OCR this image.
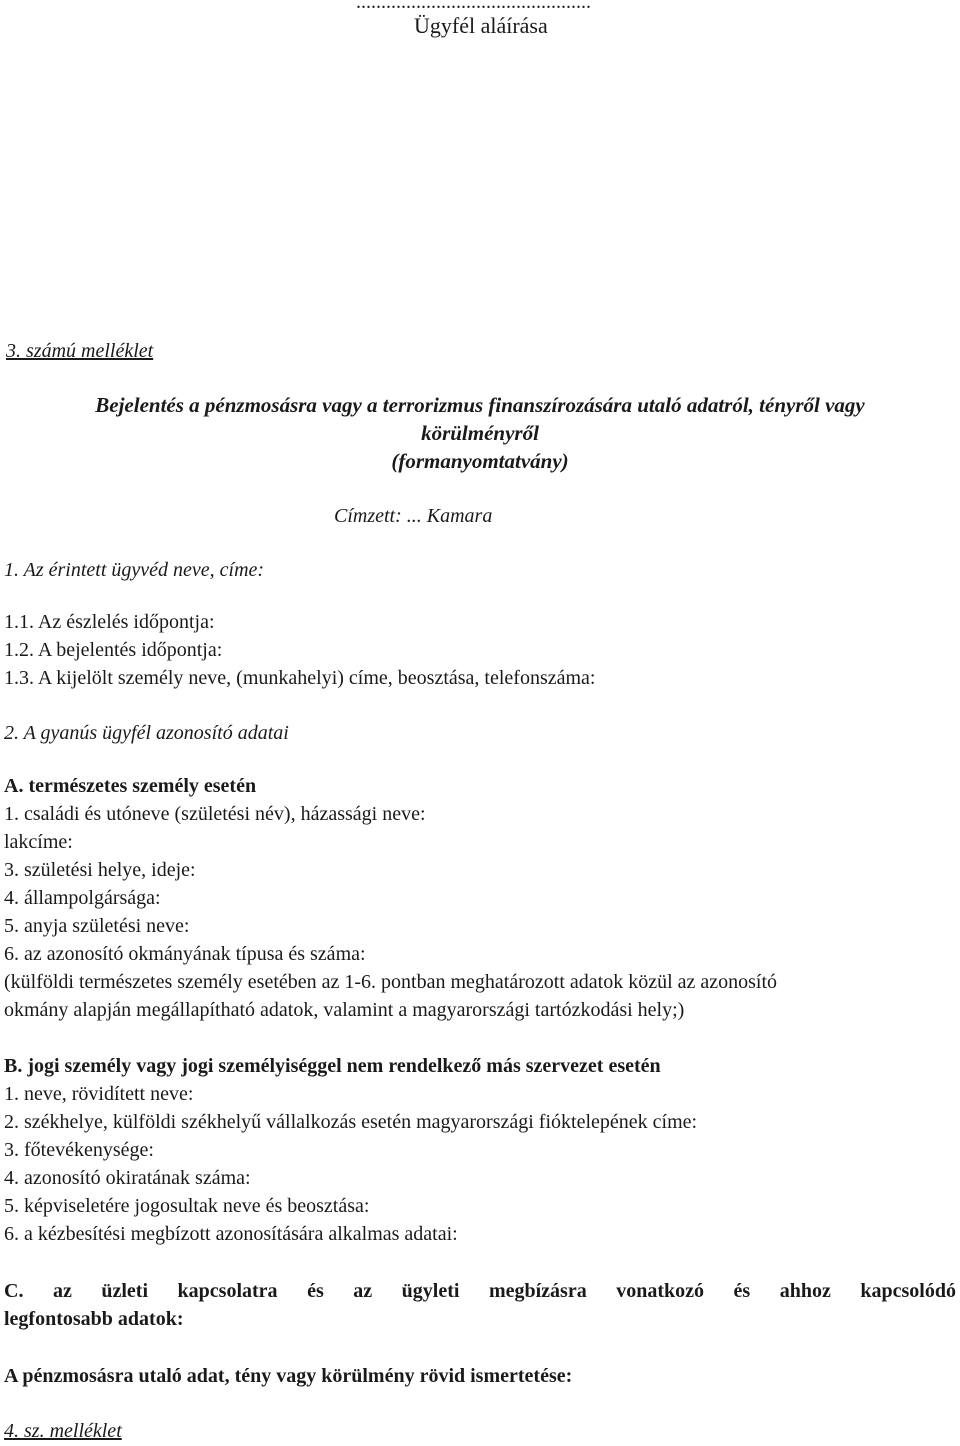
...............................................
Ügyfél aláírása
3. számú melléklet
Bejelentés a pénzmosásra vagy a terrorizmus finanszírozására utaló adatról, tényről vagy
körülményről
(formanyomtatvány)
Címzett: ... Kamara
1. Az érintett ügyvéd neve, címe:
1.1. Az észlelés időpontja:
1.2. A bejelentés időpontja:
1.3. A kijelölt személy neve, (munkahelyi) címe, beosztása, telefonszáma:
2. A gyanús ügyfél azonosító adatai
A. természetes személy esetén
1. családi és utóneve (születési név), házassági neve:
lakcíme:
3. születési helye, ideje:
4. állampolgársága:
5. anyja születési neve:
6. az azonosító okmányának típusa és száma:
(külföldi természetes személy esetében az 1-6. pontban meghatározott adatok közül az azonosító
okmány alapján megállapítható adatok, valamint a magyarországi tartózkodási hely;)
B. jogi személy vagy jogi személyiséggel nem rendelkező más szervezet esetén
1. neve, rövidített neve:
2. székhelye, külföldi székhelyű vállalkozás esetén magyarországi fióktelepének címe:
3. főtevékenysége:
4. azonosító okiratának száma:
5. képviseletére jogosultak neve és beosztása:
6. a kézbesítési megbízott azonosítására alkalmas adatai:
C. az üzleti kapcsolatra és az ügyleti megbízásra vonatkozó és ahhoz kapcsolódó
legfontosabb adatok:
A pénzmosásra utaló adat, tény vagy körülmény rövid ismertetése:
4. sz. melléklet
